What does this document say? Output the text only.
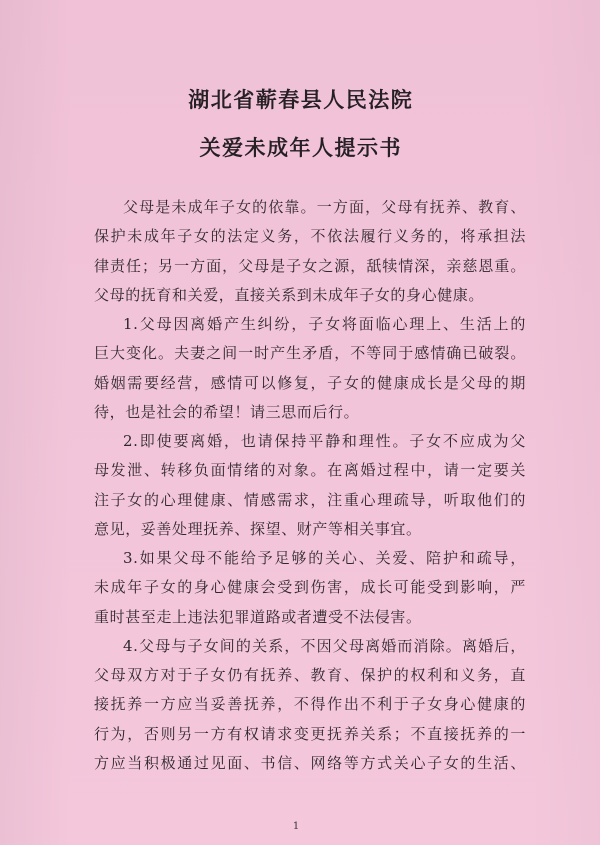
湖北省蕲春县人民法院
关爱未成年人提示书
父母是未成年子女的依靠。一方面，父母有抚养、教育、
保护未成年子女的法定义务，不依法履行义务的，将承担法
律责任；另一方面，父母是子女之源，舐犊情深，亲慈恩重。
父母的抚育和关爱，直接关系到未成年子女的身心健康。
1.父母因离婚产生纠纷，子女将面临心理上、生活上的
巨大变化。夫妻之间一时产生矛盾，不等同于感情确已破裂。
婚姻需要经营，感情可以修复，子女的健康成长是父母的期
待，也是社会的希望！请三思而后行。
2.即使要离婚，也请保持平静和理性。子女不应成为父
母发泄、转移负面情绪的对象。在离婚过程中，请一定要关
注子女的心理健康、情感需求，注重心理疏导，听取他们的
意见，妥善处理抚养、探望、财产等相关事宜。
3.如果父母不能给予足够的关心、关爱、陪护和疏导，
未成年子女的身心健康会受到伤害，成长可能受到影响，严
重时甚至走上违法犯罪道路或者遭受不法侵害。
4.父母与子女间的关系，不因父母离婚而消除。离婚后，
父母双方对于子女仍有抚养、教育、保护的权利和义务，直
接抚养一方应当妥善抚养，不得作出不利于子女身心健康的
行为，否则另一方有权请求变更抚养关系；不直接抚养的一
方应当积极通过见面、书信、网络等方式关心子女的生活、
1
